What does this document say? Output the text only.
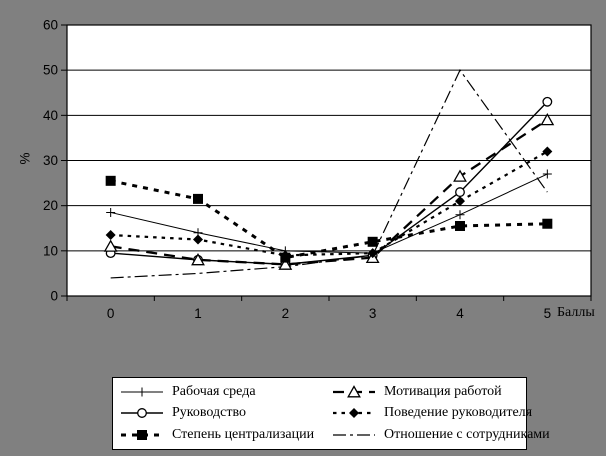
0
10
20
30
40
50
60
0	1	2	3	4	5
%
Баллы
Рабочая среда
Руководство
Степень централизации
Мотивация работой
Поведение руководителя
Отношение с сотрудниками
